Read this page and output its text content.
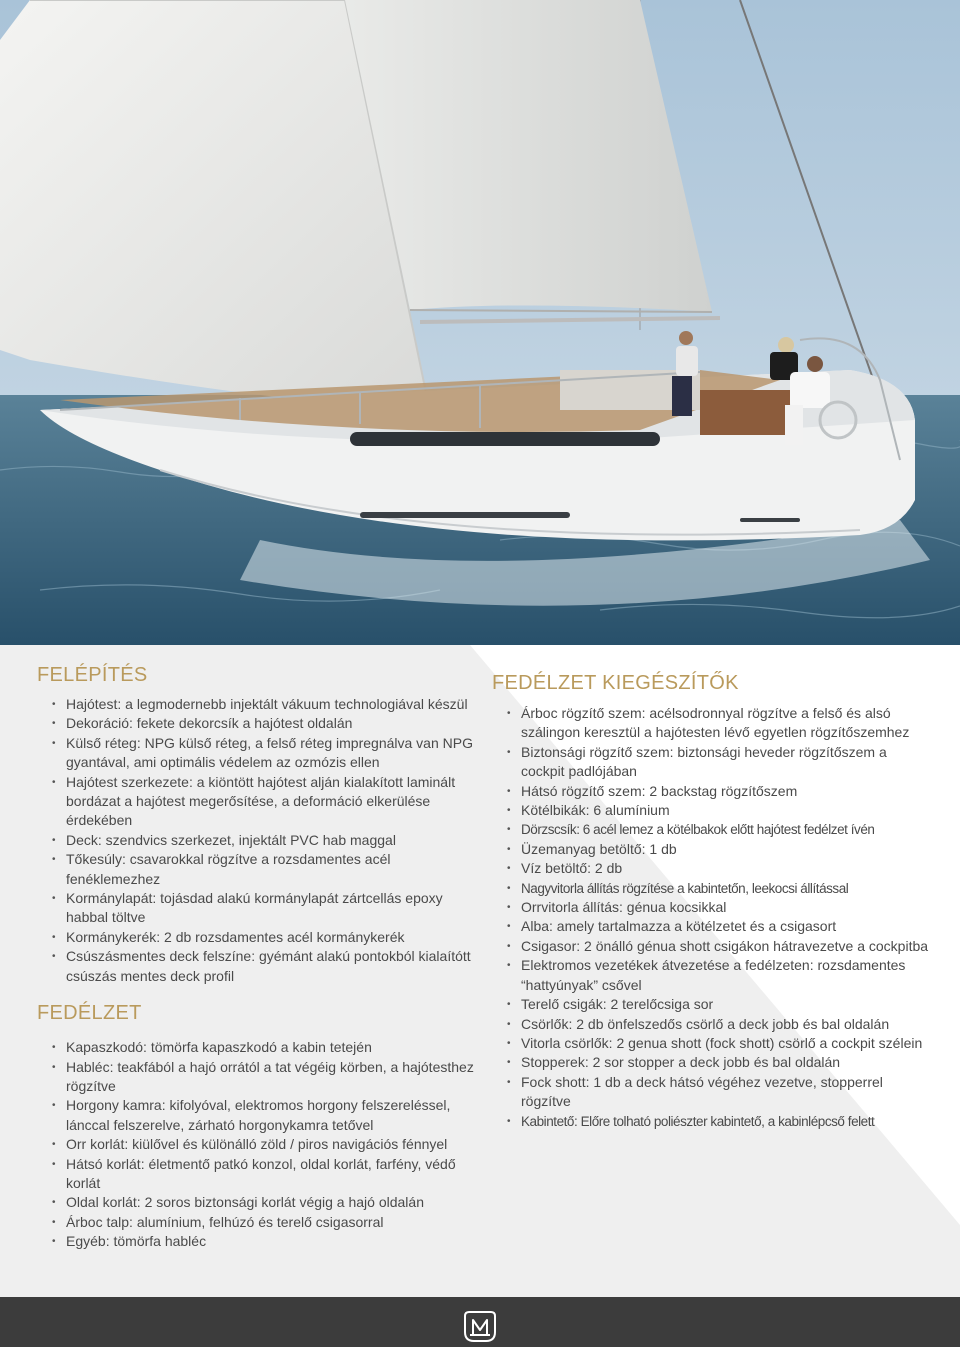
FELÉPÍTÉS
• Hajótest: a legmodernebb injektált vákuum technologiával készül
• Dekoráció: fekete dekorcsík a hajótest oldalán
• Külső réteg: NPG külső réteg, a felső réteg impregnálva van NPG gyantával, ami optimális védelem az ozmózis ellen
• Hajótest szerkezete: a kiöntött hajótest alján kialakított laminált bordázat a hajótest megerősítése, a deformáció elkerülése érdekében
• Deck: szendvics szerkezet, injektált PVC hab maggal
• Tőkesúly: csavarokkal rögzítve a rozsdamentes acél fenéklemezhez
• Kormánylapát: tojásdad alakú kormánylapát zártcellás epoxy habbal töltve
• Kormánykerék: 2 db rozsdamentes acél kormánykerék
• Csúszásmentes deck felszíne: gyémánt alakú pontokból kialaítótt csúszás mentes deck profil
FEDÉLZET
• Kapaszkodó: tömörfa kapaszkodó a kabin tetején
• Habléc: teakfából a hajó orrától a tat végéig körben, a hajótesthez rögzítve
• Horgony kamra: kifolyóval, elektromos horgony felszereléssel, lánccal felszerelve, zárható horgonykamra tetővel
• Orr korlát: kiülővel és különálló zöld / piros navigációs fénnyel
• Hátsó korlát: életmentő patkó konzol, oldal korlát, farfény, védő korlát
• Oldal korlát: 2 soros biztonsági korlát végig a hajó oldalán
• Árboc talp: alumínium, felhúzó és terelő csigasorral
• Egyéb: tömörfa habléc
FEDÉLZET KIEGÉSZÍTŐK
• Árboc rögzítő szem: acélsodronnyal rögzítve a felső és alsó szálingon keresztül a hajótesten lévő egyetlen rögzítőszemhez
• Biztonsági rögzítő szem: biztonsági heveder rögzítőszem a cockpit padlójában
• Hátsó rögzítő szem: 2 backstag rögzítőszem
• Kötélbikák: 6 alumínium
• Dörzscsík: 6 acél lemez a kötélbakok előtt hajótest fedélzet ívén
• Üzemanyag betöltő: 1 db
• Víz betöltő: 2 db
• Nagyvitorla állítás rögzítése a kabintetőn, leekocsi állítással
• Orrvitorla állítás: génua kocsikkal
• Alba: amely tartalmazza a kötélzetet és a csigasort
• Csigasor: 2 önálló génua shott csigákon hátravezetve a cockpitba
• Elektromos vezetékek átvezetése a fedélzeten: rozsdamentes “hattyúnyak” csővel
• Terelő csigák: 2 terelőcsiga sor
• Csörlők: 2 db önfelszedős csörlő a deck jobb és bal oldalán
• Vitorla csörlők: 2 genua shott (fock shott) csörlő a cockpit szélein
• Stopperek: 2 sor stopper a deck jobb és bal oldalán
• Fock shott: 1 db a deck hátsó végéhez vezetve, stopperrel rögzítve
• Kabintető: Előre tolható poliészter kabintető, a kabinlépcső felett
